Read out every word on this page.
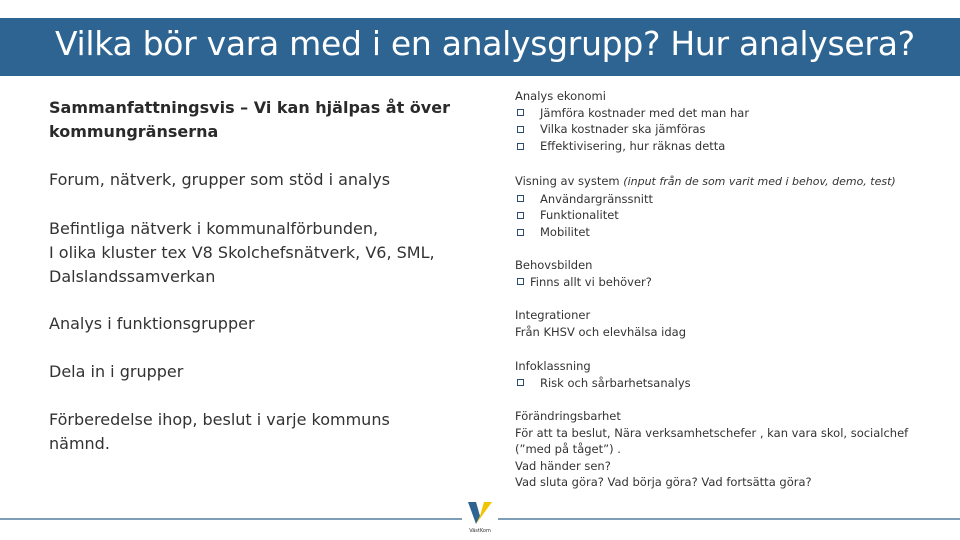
Vilka bör vara med i en analysgrupp? Hur analysera?
Sammanfattningsvis – Vi kan hjälpas åt över
kommungränserna
Forum, nätverk, grupper som stöd i analys
Befintliga nätverk i kommunalförbunden,
I olika kluster tex V8 Skolchefsnätverk, V6, SML,
Dalslandssamverkan
Analys i funktionsgrupper
Dela in i grupper
Förberedelse ihop, beslut i varje kommuns
nämnd.
Analys ekonomi
Jämföra kostnader med det man har
Vilka kostnader ska jämföras
Effektivisering, hur räknas detta
Visning av system (input från de som varit med i behov, demo, test)
Användargränssnitt
Funktionalitet
Mobilitet
Behovsbilden
Finns allt vi behöver?
Integrationer
Från KHSV och elevhälsa idag
Infoklassning
Risk och sårbarhetsanalys
Förändringsbarhet
För att ta beslut, Nära verksamhetschefer , kan vara skol, socialchef
(”med på tåget”) .
Vad händer sen?
Vad sluta göra? Vad börja göra? Vad fortsätta göra?
VästKom
